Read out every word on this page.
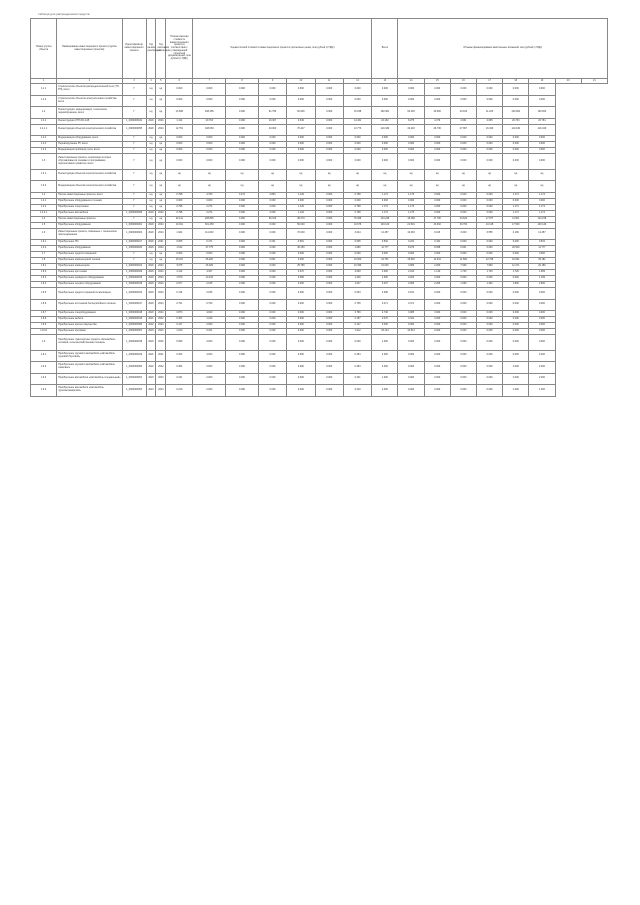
таблица для распределения средств
Номер группы объекта	Наименование инвестиционного проекта (группы инвестиционных проектов)	Идентификатор инвестиционного проекта	Год начала реализации	Год окончания реализации	Полная сметная стоимость инвестиционного проекта в соответствии с утвержденной проектной документацией, млн рублей (с НДС)	Оценка полной стоимости инвестиционного проекта в прогнозных ценах, млн рублей (с НДС)						Всего	Объемы финансирования капитальных вложений, млн рублей (с НДС)							
1	2	3	4	5	6	7	8	9	10	11	12	13	14	15	16	17	18	19	20	21
1.1.1	Строительство объектов распределительной сети (ТП, РП), всего	Г	нд	нд	0.000	0.000	0.000	0.000	0.000	0.000	0.000	0.000	0.000	0.000	0.000	0.000	0.000	0.000		
1.1.2	Строительство объектов электросетевого хозяйства, всего	Г	нд	нд	0.000	0.000	0.000	0.000	0.000	0.000	0.000	0.000	0.000	0.000	0.000	0.000	0.000	0.000		
1.2	Реконструкция, модернизация, техническое перевооружение, всего	Г	нд	нд	13.508	168.456	0.000	61.759	52.906	0.000	15.038	162.681	60.493	20.600	40.100	11.200	160.604	160.604		
1.2.1	Реконструкция КТП-6/0,4 кВ	1_0000000042	2020	2024	1.114	20.703	0.000	16.307	0.649	0.000	14.461	22.162	8.275	4.379	4.961	2.605	20.764	20.764		
1.2.1.1	Реконструкция объектов электросетевого хозяйства	1_0000000055	2020	2024	12.751	108.063	0.000	40.000	76.427	0.000	13.773	110.449	32.218	26.736	27.867	16.320	110.449	110.449		
1.2.2	Модернизация оборудования, всего	Г	нд	нд	0.000	0.000	0.000	0.000	0.000	0.000	0.000	0.000	0.000	0.000	0.000	0.000	0.000	0.000		
1.2.3	Перевооружение РУ, всего	Г	нд	нд	0.000	0.000	0.000	0.000	0.000	0.000	0.000	0.000	0.000	0.000	0.000	0.000	0.000	0.000		
1.2.4	Модернизация приборов учета, всего	Г	нд	нд	0.000	0.000	0.000	0.000	0.000	0.000	0.000	0.000	0.000	0.000	0.000	0.000	0.000	0.000		
1.3	Инвестиционные проекты, реализация которых обуславливается схемами и программами перспективного развития, всего	Г	нд	нд	0.000	0.000	0.000	0.000	0.000	0.000	0.000	0.000	0.000	0.000	0.000	0.000	0.000	0.000		
1.3.1	Реконструкция объектов электросетевого хозяйства	Г	нд	нд	нд	нд	нд	нд	нд	нд	нд	нд	нд	нд	нд	нд	нд	нд		
1.3.2	Модернизация объектов электросетевого хозяйства	Г	нд	нд	нд	нд	нд	нд	нд	нд	нд	нд	нд	нд	нд	нд	нд	нд		
1.4	Прочие инвестиционные проекты, всего	Г	нд	нд	0.798	4.750	0.472	3.854	1.129	0.000	0.798	1.174	1.175	0.000	0.000	0.000	1.174	1.174		
1.4.1	Приобретение оборудования и техники	Г	нд	нд	0.000	0.000	0.000	0.000	0.000	0.000	0.000	0.000	0.000	0.000	0.000	0.000	0.000	0.000		
1.4.2	Приобретение спецтехники	Г	нд	нд	0.798	2.274	0.000	2.000	1.129	0.000	0.798	1.174	1.175	0.000	0.000	0.000	1.174	1.174		
1.4.2.1	Приобретение автомобиля	1_0000000008	2020	2020	0.798	2.274	0.000	2.000	1.129	0.000	0.798	1.174	1.175	0.000	0.000	0.000	1.174	1.174		
1.4	Прочие инвестиционные проекты	Г	нд	нд	22.111	228.845	0.000	90.100	48.270	0.000	76.466	114.248	18.168	47.790	44.642	17.877	11.501	114.248		
1.5	Приобретение оборудования	1_0000000001	2020	2024	10.011	301.450	0.000	0.000	50.000	0.000	10.676	103.140	21.501	20.932	30.700	10.128	17.500	103.140		
1.6	Инвестиционные проекты, связанные с техническим присоединением	1_0000000002	2020	2024	1.944	111.000	0.000	0.000	70.000	0.000	3.244	12.457	16.463	9.106	3.200	6.555	4.180	12.457		
1.6.1	Приобретение ПО	1_0000000017	2020	2021	0.605	0.471	0.000	0.221	0.681	0.000	0.605	0.532	0.231	0.431	0.000	0.000	0.000	0.532		
1.6.2	Приобретение оборудования	1_0000000020	2020	2024	1.612	47.775	0.000	0.000	46.150	0.000	1.080	11.777	8.276	8.058	0.001	0.000	20.500	11.777		
1.7	Приобретение средств измерений	Г	нд	нд	0.000	0.000	0.000	0.000	0.000	0.000	0.000	0.000	0.000	0.000	0.000	0.000	0.000	0.000		
1.8	Приобретение компьютерной техники	Г	нд	нд	16.115	36.200	0.000	0.821	0.000	0.000	10.000	22.751	15.618	12.941	11.582	12.768	16.091	35.181		
1.8.1	Приобретение компьютеров	1_0000000024	2020	2024	3.075	26.929	0.000	0.000	25.789	0.000	10.399	10.000	4.969	2.000	7.660	7.800	12.471	20.189		
1.8.2	Приобретение оргтехники	1_0000000029	2020	2024	4.110	4.327	0.000	0.000	0.070	0.000	4.000	4.000	2.010	1.120	1.720	1.720	1.720	1.999		
1.8.3	Приобретение серверного оборудования	1_0000000036	2020	2024	1.570	10.243	0.000	0.000	0.085	0.000	1.200	1.600	0.200	0.000	0.000	0.000	0.000	1.199		
1.8.4	Приобретение сетевого оборудования	1_0000000048	2020	2024	0.977	2.165	0.000	0.000	0.000	0.000	1.047	3.207	2.966	2.206	1.290	1.290	1.800	2.600		
1.8.5	Приобретение средств охранной сигнализации	1_0000000043	2020	2024	0.119	2.035	0.000	0.000	0.000	0.000	0.054	2.008	0.154	0.000	0.000	0.000	0.000	0.000		
1.8.6	Приобретение источников бесперебойного питания	1_0000000047	2020	2024	0.791	0.790	0.000	0.000	0.000	0.000	0.759	0.471	0.471	0.000	0.000	0.000	0.000	0.000		
1.8.7	Приобретение спецоборудования	1_0000000048	2020	2024	3.873	4.940	0.000	0.000	0.000	0.000	3.780	4.740	3.085	3.000	3.000	0.000	0.000	0.000		
1.8.8	Приобретение мебели	1_0000000049	2021	2022	0.453	1.240	0.000	0.000	0.000	0.000	0.157	0.470	0.431	0.000	0.000	0.000	0.000	0.000		
1.8.9	Приобретение прочего имущества	1_0000000050	2022	2023	0.127	2.000	0.000	0.000	0.000	0.000	0.127	0.450	0.000	0.000	0.000	0.000	0.000	0.000		
1.8.10	Приобретение программ	1_0000000051	2023	2023	1.010	0.321	0.000	0.000	0.000	0.000	1.012	18.124	10.513	0.000	0.000	0.000	0.000	0.000		
1.9	Приобретение транспортных средств «Автомобиль легковой, сельскохозяйственная техника»	1_0000000048	2020	2020	0.699	4.000	0.000	0.000	0.000	0.000	0.000	1.000	0.000	0.000	0.000	0.000	0.000	0.000		
1.9.1	Приобретение грузового автомобиля «Автомобиль грузовой бортовой»	1_0000000049	2021	2021	0.254	4.000	0.000	0.000	0.000	0.000	0.254	4.000	0.000	0.000	0.000	0.000	0.000	2.000		
1.9.2	Приобретение грузового автомобиля «Автомобиль самосвал»	1_0000000050	2022	2022	0.284	2.000	0.000	0.000	0.000	0.000	0.284	2.000	0.000	0.000	0.000	0.000	2.000	2.000		
1.9.3	Приобретение автомобиля «Автомобиль специальный»	1_0000000051	2023	2023	0.231	2.000	0.000	0.000	0.000	0.000	0.231	1.000	0.000	0.000	0.000	0.000	2.000	2.000		
1.9.4	Приобретение автомобиля «Автомобиль грузопассажирский»	1_0000000053	2024	2024	0.219	2.000	0.000	0.000	0.000	0.000	0.219	2.000	0.000	0.000	0.000	0.000	1.000	1.000		
